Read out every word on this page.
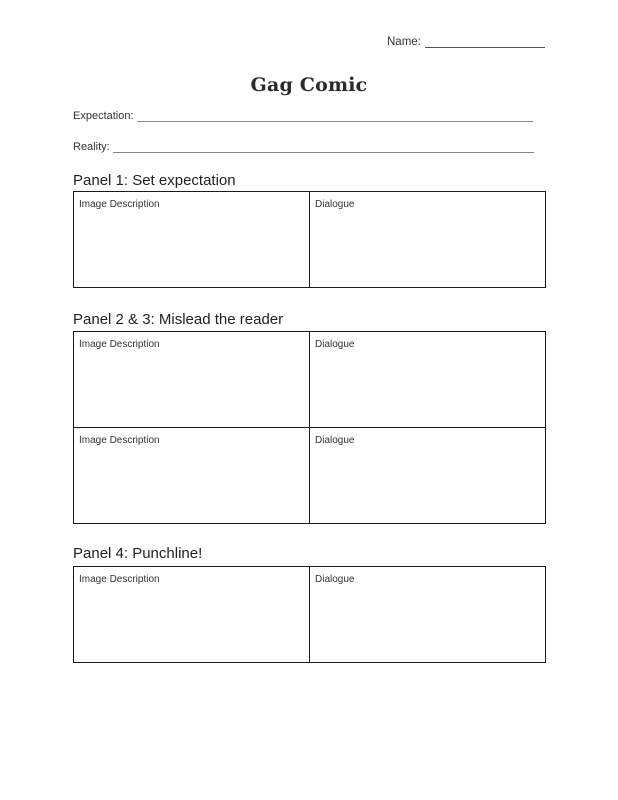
Name:
Gag Comic
Expectation:
Reality:
Panel 1: Set expectation
Image Description	Dialogue
Panel 2 & 3: Mislead the reader
Image Description	Dialogue
Image Description	Dialogue
Panel 4: Punchline!
Image Description	Dialogue
